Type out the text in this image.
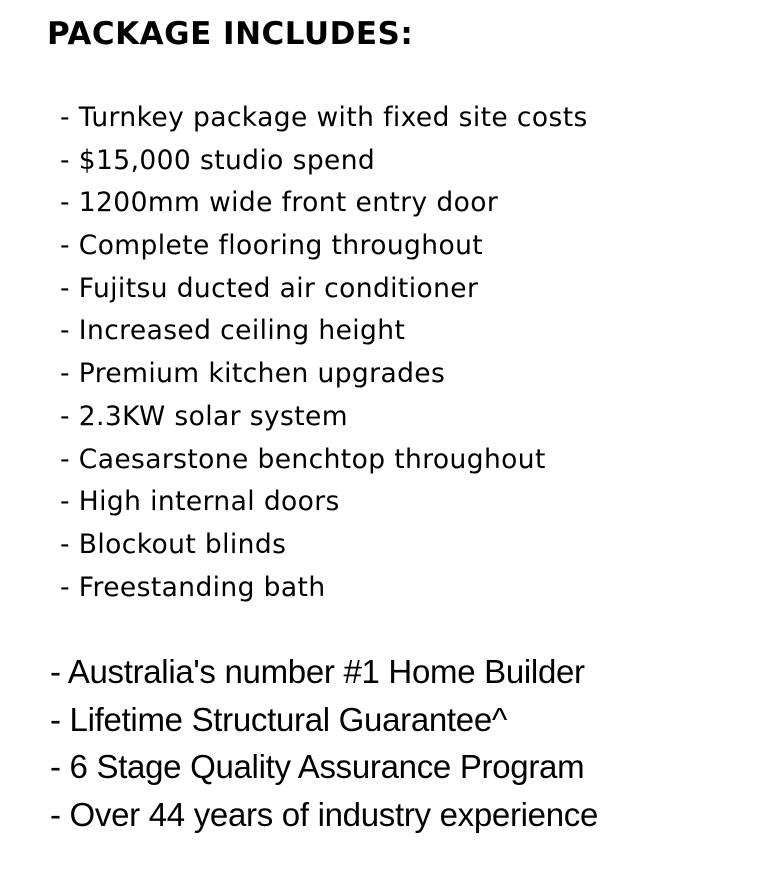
PACKAGE INCLUDES:
- Turnkey package with fixed site costs
- $15,000 studio spend
- 1200mm wide front entry door
- Complete flooring throughout
- Fujitsu ducted air conditioner
- Increased ceiling height
- Premium kitchen upgrades
- 2.3KW solar system
- Caesarstone benchtop throughout
- High internal doors
- Blockout blinds
- Freestanding bath
- Australia's number #1 Home Builder
- Lifetime Structural Guarantee^
- 6 Stage Quality Assurance Program
- Over 44 years of industry experience
